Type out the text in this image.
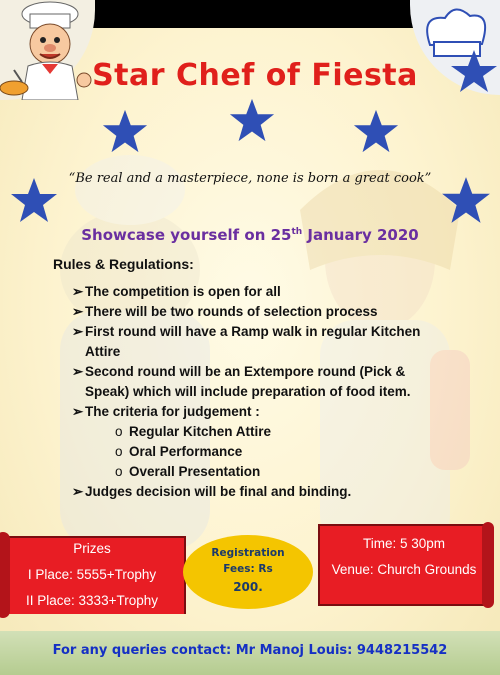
Star Chef of Fiesta
“Be real and a masterpiece, none is born a great cook”
Showcase yourself on 25th January 2020
Rules & Regulations:
➢ The competition is open for all
➢ There will be two rounds of selection process
➢ First round will have a Ramp walk in regular Kitchen Attire
➢ Second round will be an Extempore round (Pick & Speak) which will include preparation of food item.
➢ The criteria for judgement :
o Regular Kitchen Attire
o Oral Performance
o Overall Presentation
➢ Judges decision will be final and binding.
Prizes
I Place: 5555+Trophy
II Place: 3333+Trophy
Registration
Fees: Rs
200.
Time: 5 30pm
Venue: Church Grounds
For any queries contact: Mr Manoj Louis: 9448215542
